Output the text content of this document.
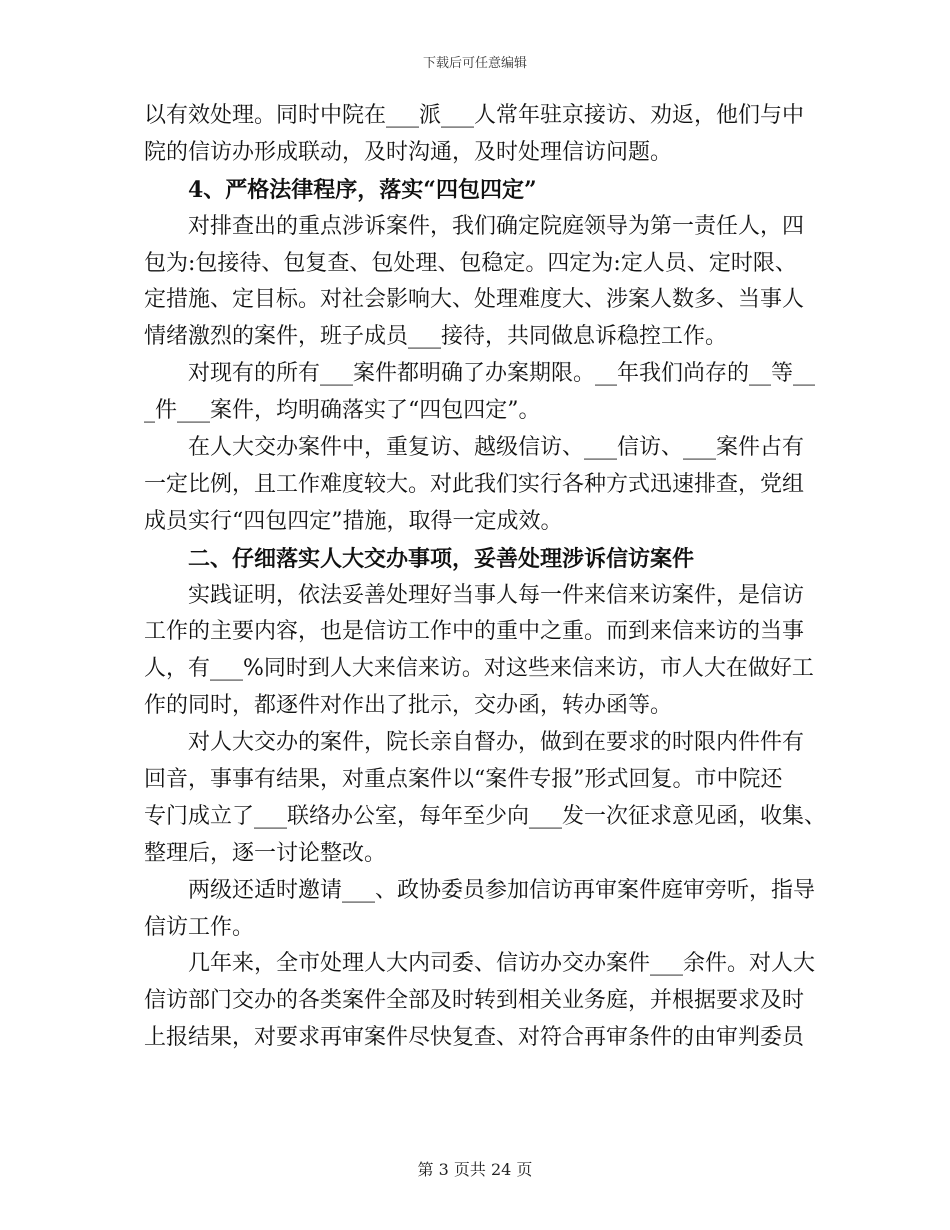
下载后可任意编辑
以有效处理。同时中院在___派___人常年驻京接访、劝返，他们与中
院的信访办形成联动，及时沟通，及时处理信访问题。
4、严格法律程序，落实“四包四定”
对排查出的重点涉诉案件，我们确定院庭领导为第一责任人，四
包为:包接待、包复查、包处理、包稳定。四定为:定人员、定时限、
定措施、定目标。对社会影响大、处理难度大、涉案人数多、当事人
情绪激烈的案件，班子成员___接待，共同做息诉稳控工作。
对现有的所有___案件都明确了办案期限。__年我们尚存的__等__
_件___案件，均明确落实了“四包四定”。
在人大交办案件中，重复访、越级信访、___信访、___案件占有
一定比例，且工作难度较大。对此我们实行各种方式迅速排查，党组
成员实行“四包四定”措施，取得一定成效。
二、仔细落实人大交办事项，妥善处理涉诉信访案件
实践证明，依法妥善处理好当事人每一件来信来访案件，是信访
工作的主要内容，也是信访工作中的重中之重。而到来信来访的当事
人，有___%同时到人大来信来访。对这些来信来访，市人大在做好工
作的同时，都逐件对作出了批示，交办函，转办函等。
对人大交办的案件，院长亲自督办，做到在要求的时限内件件有
回音，事事有结果，对重点案件以“案件专报”形式回复。市中院还
专门成立了___联络办公室，每年至少向___发一次征求意见函，收集、
整理后，逐一讨论整改。
两级还适时邀请___、政协委员参加信访再审案件庭审旁听，指导
信访工作。
几年来，全市处理人大内司委、信访办交办案件___余件。对人大
信访部门交办的各类案件全部及时转到相关业务庭，并根据要求及时
上报结果，对要求再审案件尽快复查、对符合再审条件的由审判委员
第 3 页共 24 页
